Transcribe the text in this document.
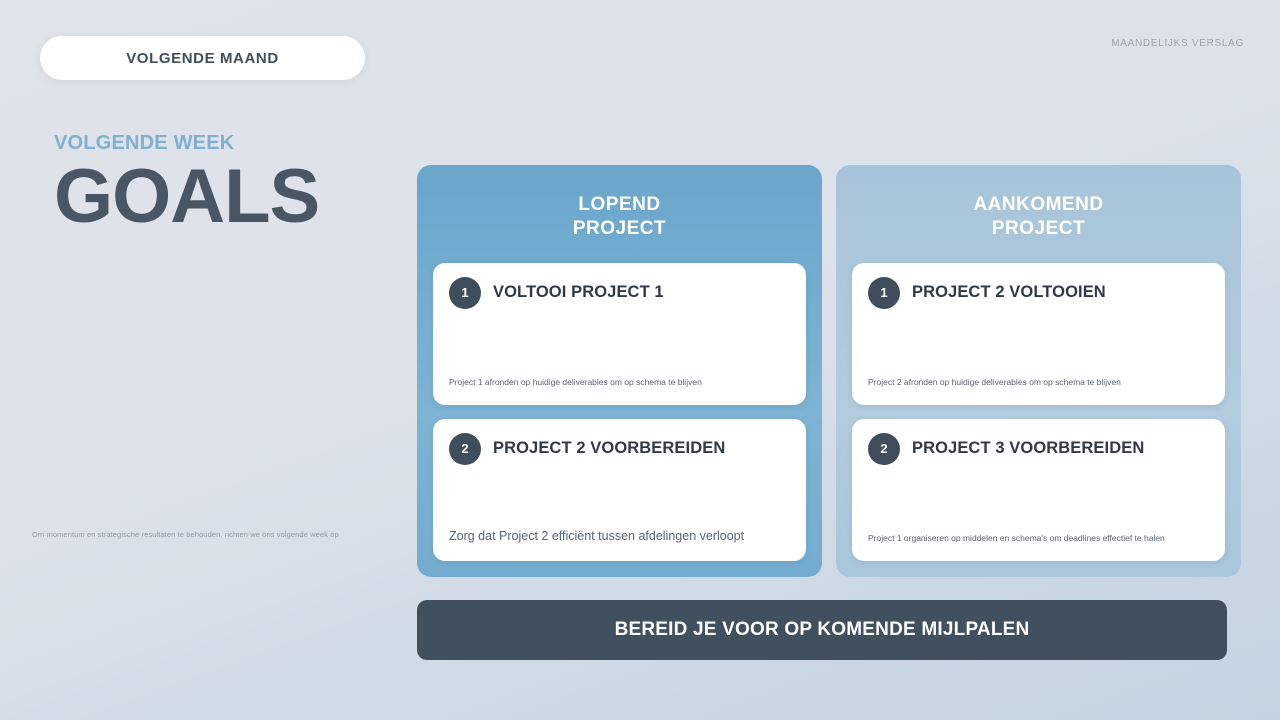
VOLGENDE MAAND
MAANDELIJKS VERSLAG

VOLGENDE WEEK

GOALS
Om momentum en strategische resultaten te behouden, richten we ons volgende week op
LOPEND
PROJECT
1	VOLTOOI PROJECT 1
Project 1 afronden op huidige deliverables om op schema te blijven
2	PROJECT 2 VOORBEREIDEN
Zorg dat Project 2 efficiënt tussen afdelingen verloopt
AANKOMEND
PROJECT
1	PROJECT 2 VOLTOOIEN
Project 2 afronden op huidige deliverables om op schema te blijven
2	PROJECT 3 VOORBEREIDEN
Project 1 organiseren op middelen en schema's om deadlines effectief te halen
BEREID JE VOOR OP KOMENDE MIJLPALEN
